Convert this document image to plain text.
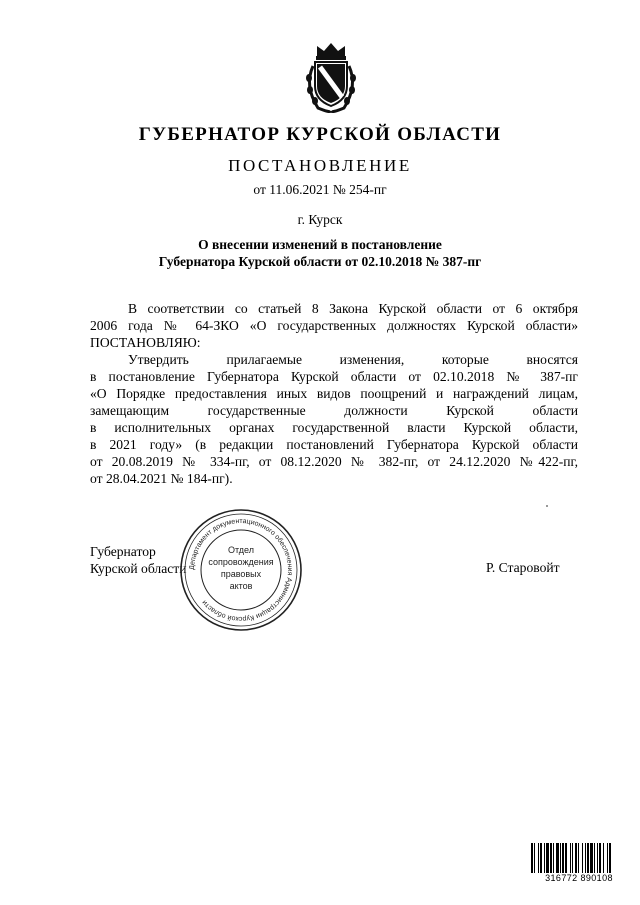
ГУБЕРНАТОР КУРСКОЙ ОБЛАСТИ
ПОСТАНОВЛЕНИЕ
от 11.06.2021 № 254-пг
г. Курск
О внесении изменений в постановление
Губернатора Курской области от 02.10.2018 № 387-пг
В соответствии со статьей 8 Закона Курской области от 6 октября
2006 года № 64-ЗКО «О государственных должностях Курской области»
ПОСТАНОВЛЯЮ:
Утвердить прилагаемые изменения, которые вносятся
в постановление Губернатора Курской области от 02.10.2018 № 387-пг
«О Порядке предоставления иных видов поощрений и награждений лицам,
замещающим государственные должности Курской области
в исполнительных органах государственной власти Курской области,
в 2021 году» (в редакции постановлений Губернатора Курской области
от 20.08.2019 № 334-пг, от 08.12.2020 № 382-пг, от 24.12.2020 №422-пг,
от 28.04.2021 № 184-пг).
Губернатор
Курской области	Р. Старовойт
Департамент документационного обеспечения Администрации Курской области
Отдел
сопровождения
правовых
актов
316772 890108
